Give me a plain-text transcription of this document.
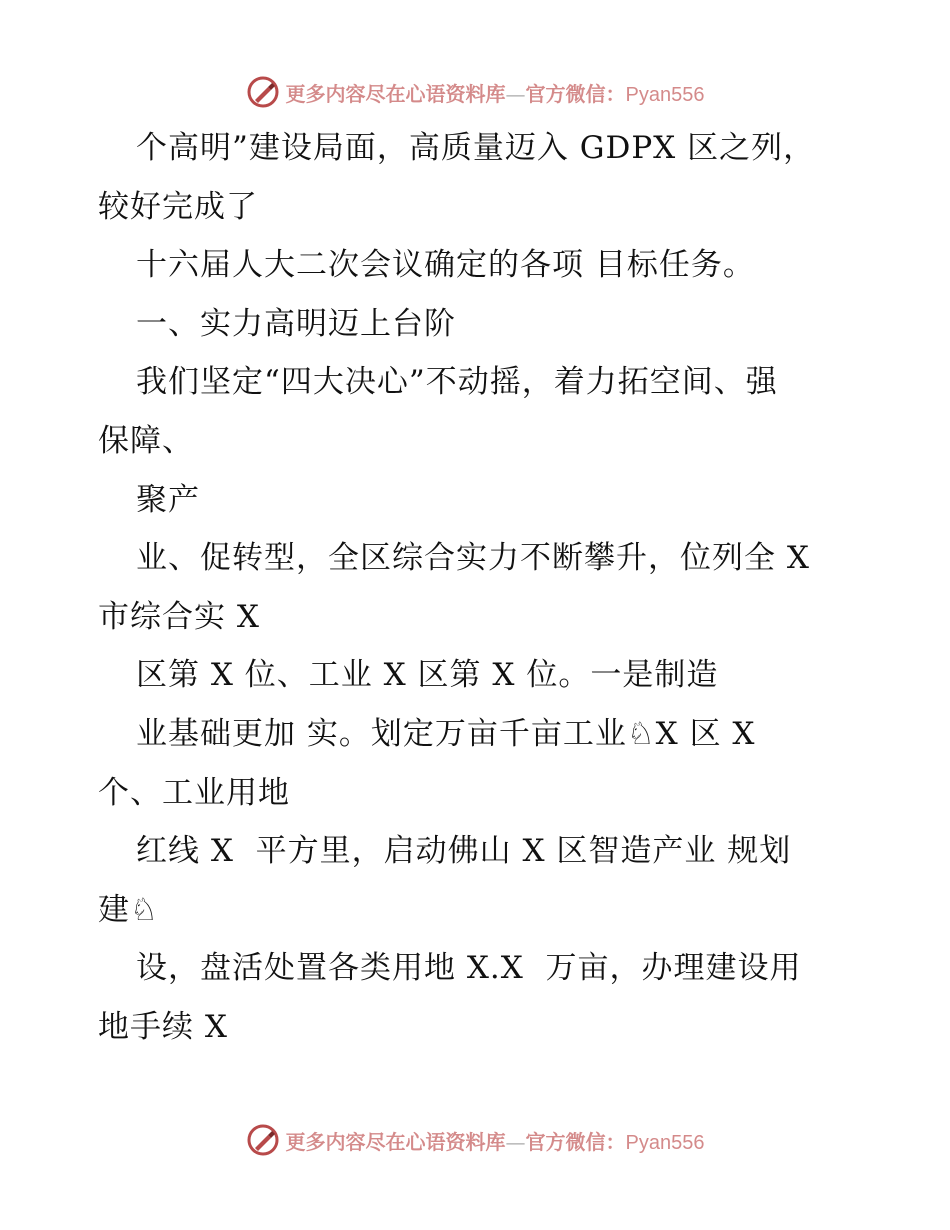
更多内容尽在心语资料库—官方微信：Pyan556
个高明”建设局面，高质量迈入 GDPX 区之列，
较好完成了
十六届人大二次会议确定的各项 目标任务。
一、实力高明迈上台阶
我们坚定“四大决心”不动摇，着力拓空间、强
保障、
聚产
业、促转型，全区综合实力不断攀升，位列全 X
市综合实 X
区第 X 位、工业 X 区第 X 位。一是制造
业基础更加 实。划定万亩千亩工业♘X 区 X
个、工业用地
红线 X  平方里，启动佛山 X 区智造产业 规划
建♘
设，盘活处置各类用地 X.X  万亩，办理建设用
地手续 X
更多内容尽在心语资料库—官方微信：Pyan556
